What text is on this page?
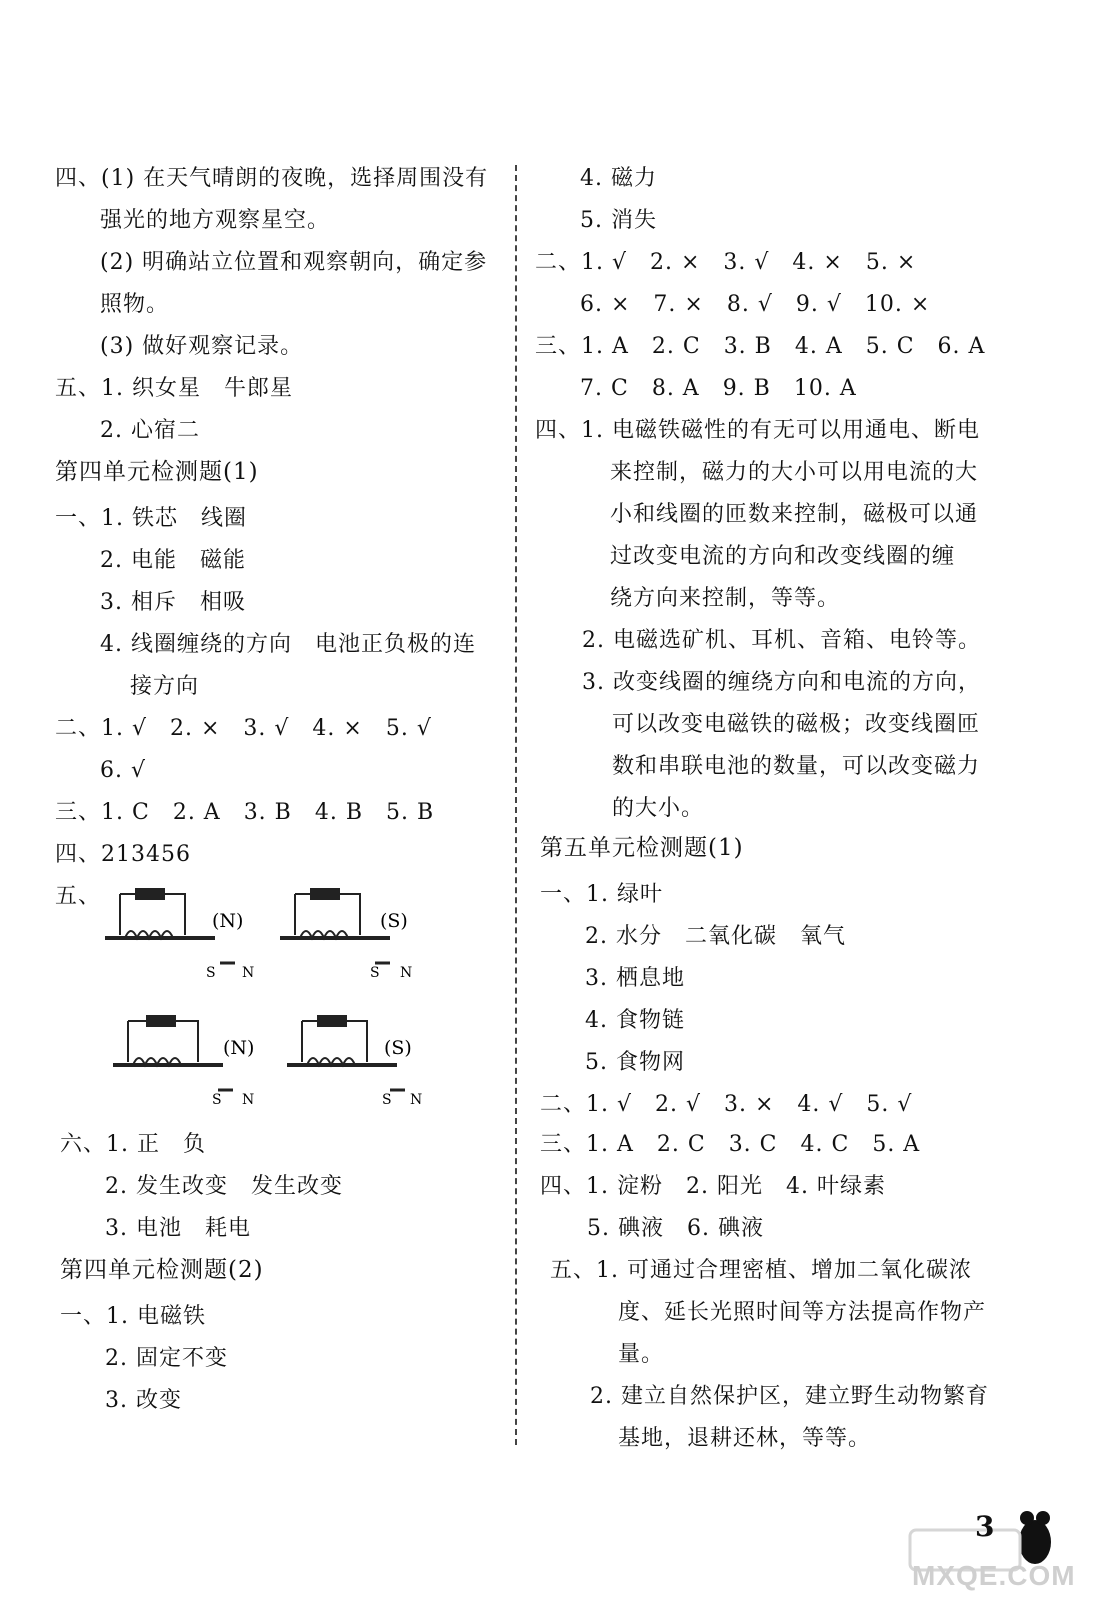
四、(1) 在天气晴朗的夜晚，选择周围没有
强光的地方观察星空。
(2) 明确站立位置和观察朝向，确定参
照物。
(3) 做好观察记录。
五、1. 织女星　牛郎星
2. 心宿二
第四单元检测题(1)
一、1. 铁芯　线圈
2. 电能　磁能
3. 相斥　相吸
4. 线圈缠绕的方向　电池正负极的连
接方向
二、1. √　2. ×　3. √　4. ×　5. √
6. √
三、1. C　2. A　3. B　4. B　5. B
四、213456
五、
(N)
S N
(S)
S N
(N)
S N
(S)
S N
六、1. 正　负
2. 发生改变　发生改变
3. 电池　耗电
第四单元检测题(2)
一、1. 电磁铁
2. 固定不变
3. 改变
4. 磁力
5. 消失
二、1. √　2. ×　3. √　4. ×　5. ×
6. ×　7. ×　8. √　9. √　10. ×
三、1. A　2. C　3. B　4. A　5. C　6. A
7. C　8. A　9. B　10. A
四、1. 电磁铁磁性的有无可以用通电、断电
来控制，磁力的大小可以用电流的大
小和线圈的匝数来控制，磁极可以通
过改变电流的方向和改变线圈的缠
绕方向来控制，等等。
2. 电磁选矿机、耳机、音箱、电铃等。
3. 改变线圈的缠绕方向和电流的方向，
可以改变电磁铁的磁极；改变线圈匝
数和串联电池的数量，可以改变磁力
的大小。
第五单元检测题(1)
一、1. 绿叶
2. 水分　二氧化碳　氧气
3. 栖息地
4. 食物链
5. 食物网
二、1. √　2. √　3. ×　4. √　5. √
三、1. A　2. C　3. C　4. C　5. A
四、1. 淀粉　2. 阳光　4. 叶绿素
5. 碘液　6. 碘液
五、1. 可通过合理密植、增加二氧化碳浓
度、延长光照时间等方法提高作物产
量。
2. 建立自然保护区，建立野生动物繁育
基地，退耕还林，等等。
3
MXQE.COM
